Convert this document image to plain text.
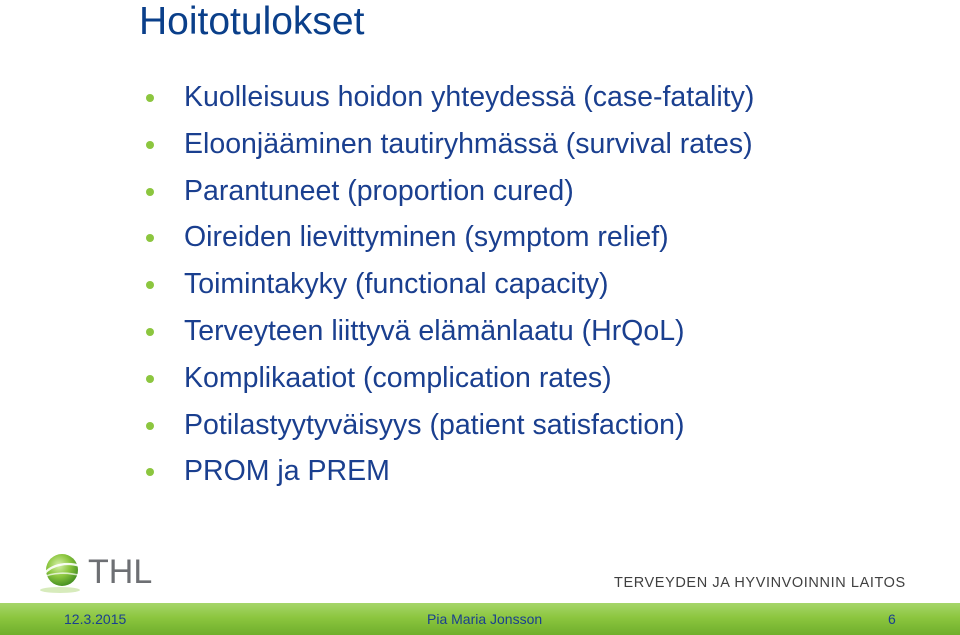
Hoitotulokset
Kuolleisuus hoidon yhteydessä (case-fatality)
Eloonjääminen tautiryhmässä (survival rates)
Parantuneet (proportion cured)
Oireiden lievittyminen (symptom relief)
Toimintakyky (functional capacity)
Terveyteen liittyvä elämänlaatu (HrQoL)
Komplikaatiot (complication rates)
Potilastyytyväisyys (patient satisfaction)
PROM ja PREM
THL	TERVEYDEN JA HYVINVOINNIN LAITOS
12.3.2015	Pia Maria Jonsson	6
